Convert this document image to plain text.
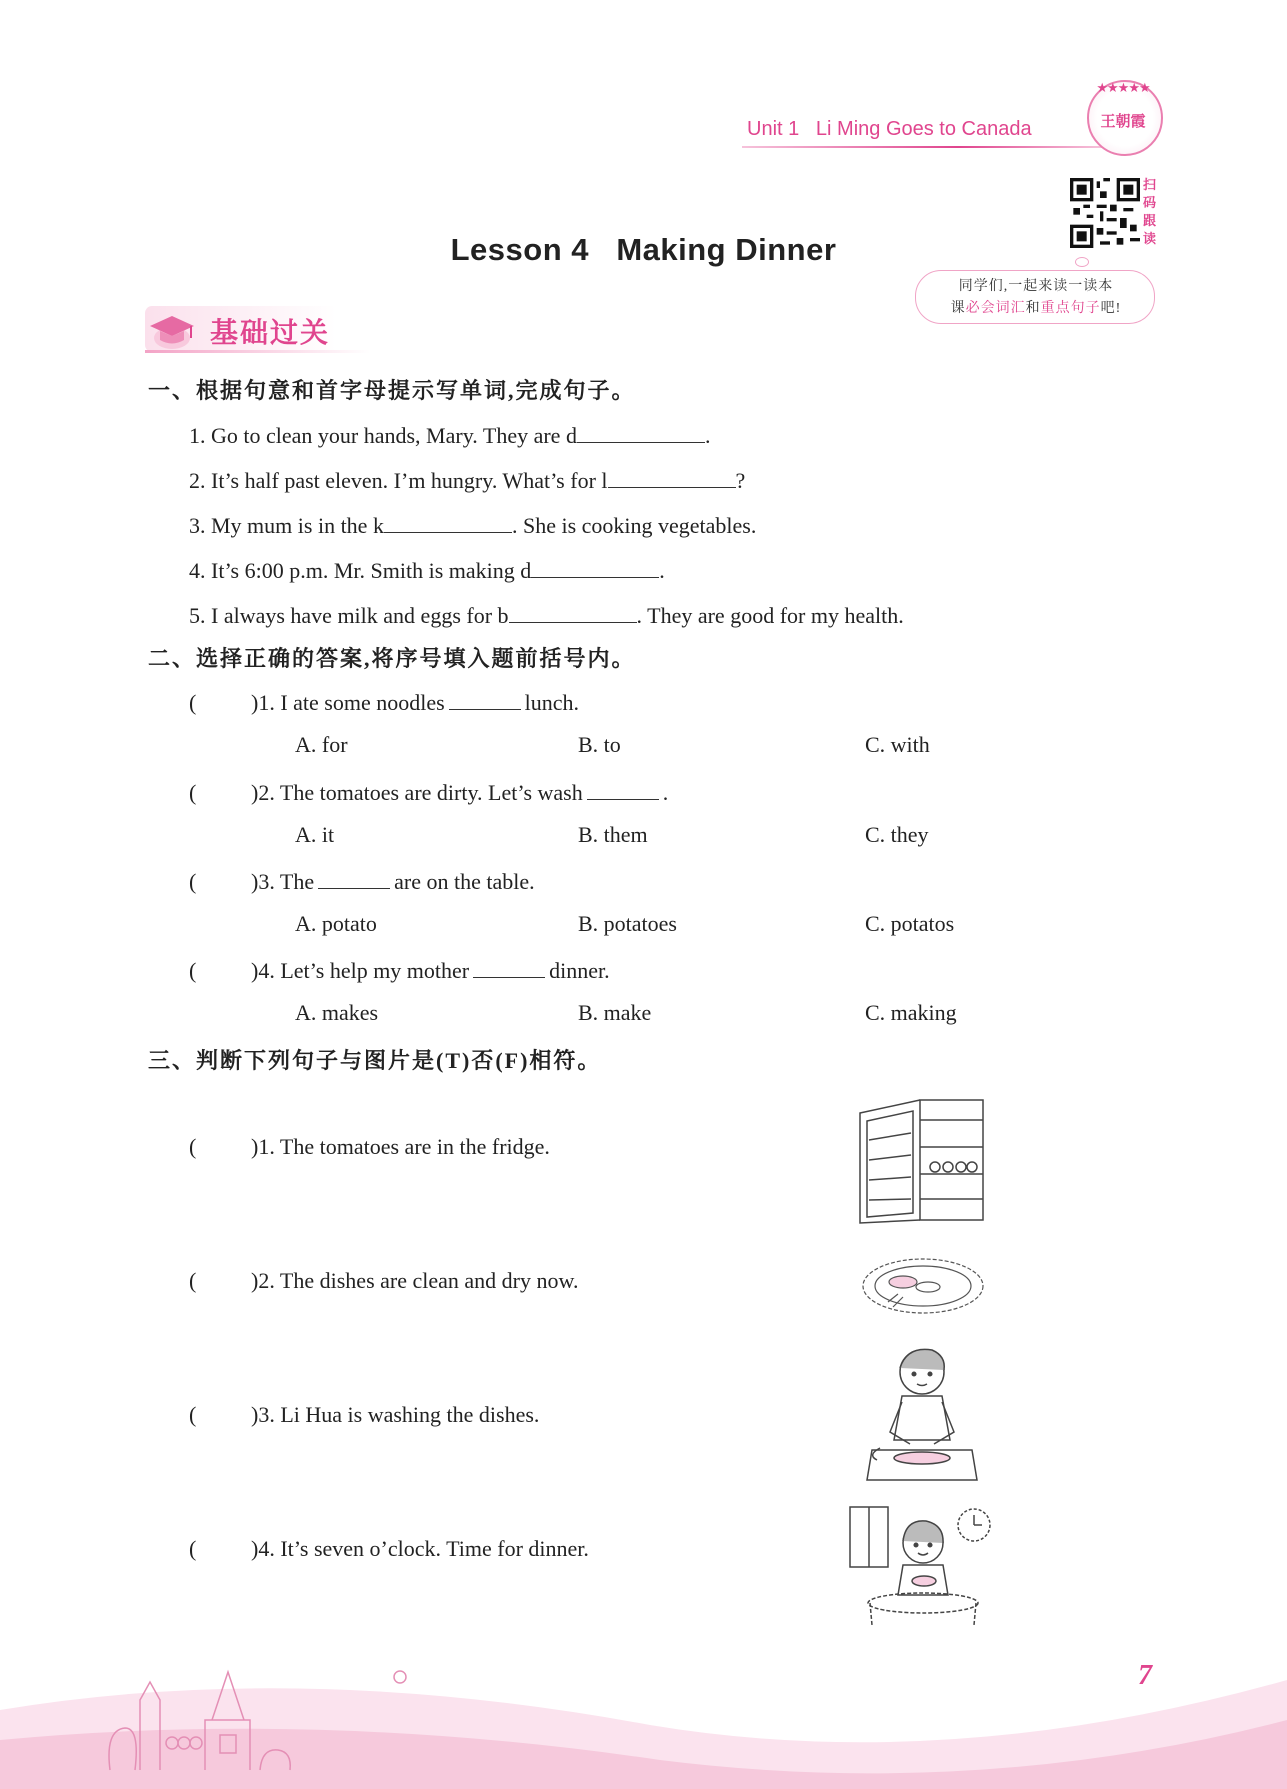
Unit 1 Li Ming Goes to Canada
★★★★★
王朝霞
扫码跟读
Lesson 4   Making Dinner
同学们,一起来读一读本
课必会词汇和重点句子吧!
基础过关
一、根据句意和首字母提示写单词,完成句子。
1. Go to clean your hands, Mary. They are d	.
2. It’s half past eleven. I’m hungry. What’s for l	?
3. My mum is in the k	. She is cooking vegetables.
4. It’s 6:00 p.m. Mr. Smith is making d	.
5. I always have milk and eggs for b	. They are good for my health.
二、选择正确的答案,将序号填入题前括号内。
( )1. I ate some noodles	lunch.
A. for	B. to	C. with
( )2. The tomatoes are dirty. Let’s wash	.
A. it	B. them	C. they
( )3. The	are on the table.
A. potato	B. potatoes	C. potatos
( )4. Let’s help my mother	dinner.
A. makes	B. make	C. making
三、判断下列句子与图片是(T)否(F)相符。
( )1. The tomatoes are in the fridge.
( )2. The dishes are clean and dry now.
( )3. Li Hua is washing the dishes.
( )4. It’s seven o’clock. Time for dinner.
7
